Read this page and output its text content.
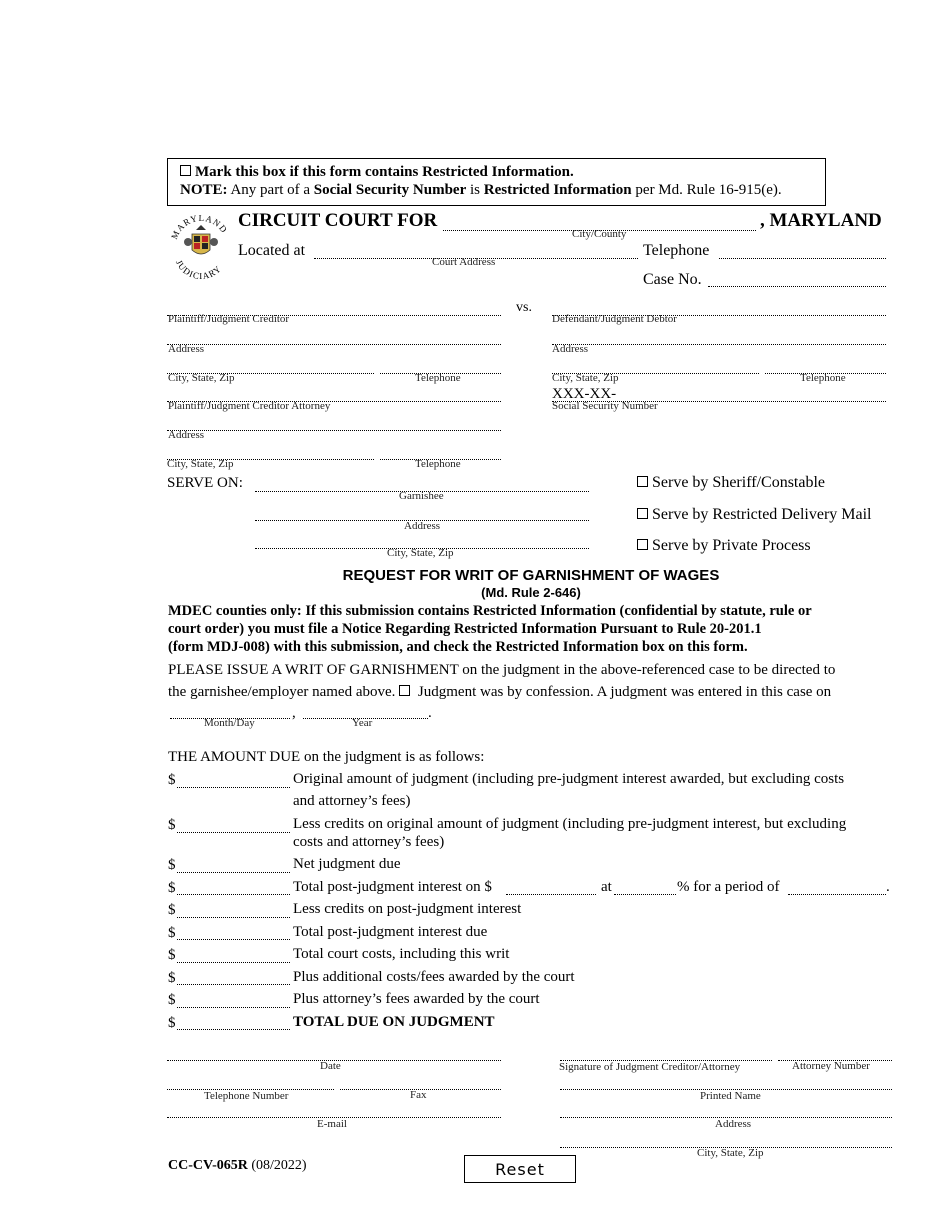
Mark this box if this form contains Restricted Information.
NOTE: Any part of a Social Security Number is Restricted Information per Md. Rule 16-915(e).
MARYLAND
JUDICIARY
CIRCUIT COURT FOR
City/County
, MARYLAND
Located at
Court Address
Telephone
Case No.
vs.
Plaintiff/Judgment Creditor
Address
City, State, Zip	Telephone
Plaintiff/Judgment Creditor Attorney
Address
City, State, Zip	Telephone
Defendant/Judgment Debtor
Address
City, State, Zip	Telephone
XXX-XX-
Social Security Number
SERVE ON:
Garnishee
Address
City, State, Zip
Serve by Sheriff/Constable
Serve by Restricted Delivery Mail
Serve by Private Process
REQUEST FOR WRIT OF GARNISHMENT OF WAGES
(Md. Rule 2-646)
MDEC counties only: If this submission contains Restricted Information (confidential by statute, rule or
court order) you must file a Notice Regarding Restricted Information Pursuant to Rule 20-201.1
(form MDJ-008) with this submission, and check the Restricted Information box on this form.
PLEASE ISSUE A WRIT OF GARNISHMENT on the judgment in the above-referenced case to be directed to
the garnishee/employer named above. Judgment was by confession. A judgment was entered in this case on
,	.
Month/Day	Year
THE AMOUNT DUE on the judgment is as follows:
$	Original amount of judgment (including pre-judgment interest awarded, but excluding costs
and attorney’s fees)
$	Less credits on original amount of judgment (including pre-judgment interest, but excluding
costs and attorney’s fees)
$	Net judgment due
$	Total post-judgment interest on $	at	% for a period of	.
$	Less credits on post-judgment interest
$	Total post-judgment interest due
$	Total court costs, including this writ
$	Plus additional costs/fees awarded by the court
$	Plus attorney’s fees awarded by the court
$	TOTAL DUE ON JUDGMENT
Date
Telephone Number	Fax
E-mail
Signature of Judgment Creditor/Attorney	Attorney Number
Printed Name
Address
City, State, Zip
CC-CV-065R (08/2022)	Reset
